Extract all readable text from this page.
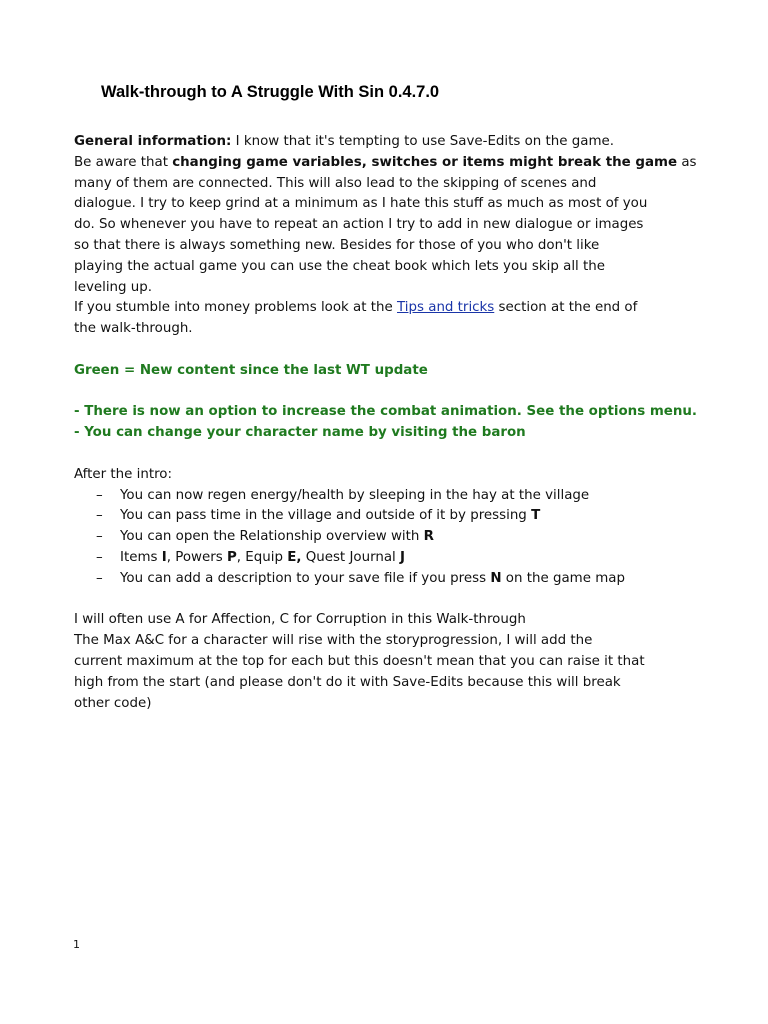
Walk-through to A Struggle With Sin 0.4.7.0
General information: I know that it's tempting to use Save-Edits on the game.
Be aware that changing game variables, switches or items might break the game as
many of them are connected. This will also lead to the skipping of scenes and
dialogue. I try to keep grind at a minimum as I hate this stuff as much as most of you
do. So whenever you have to repeat an action I try to add in new dialogue or images
so that there is always something new. Besides for those of you who don't like
playing the actual game you can use the cheat book which lets you skip all the
leveling up.
If you stumble into money problems look at the Tips and tricks section at the end of
the walk-through.
Green = New content since the last WT update
- There is now an option to increase the combat animation. See the options menu.
- You can change your character name by visiting the baron
After the intro:
– You can now regen energy/health by sleeping in the hay at the village
– You can pass time in the village and outside of it by pressing T
– You can open the Relationship overview with R
– Items I, Powers P, Equip E, Quest Journal J
– You can add a description to your save file if you press N on the game map
I will often use A for Affection, C for Corruption in this Walk-through
The Max A&C for a character will rise with the storyprogression, I will add the
current maximum at the top for each but this doesn't mean that you can raise it that
high from the start (and please don't do it with Save-Edits because this will break
other code)
1
